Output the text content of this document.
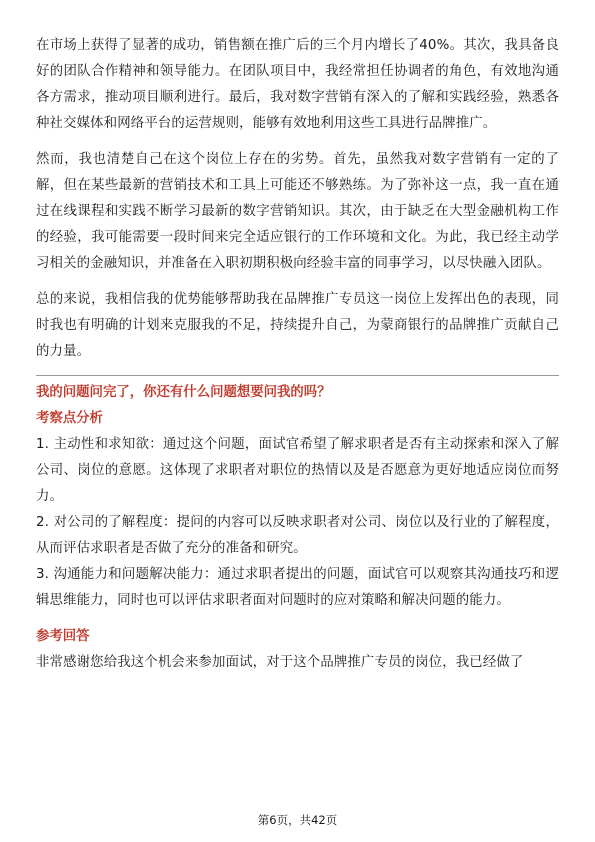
在市场上获得了显著的成功，销售额在推广后的三个月内增长了40%。其次，我具备良好的团队合作精神和领导能力。在团队项目中，我经常担任协调者的角色，有效地沟通各方需求，推动项目顺利进行。最后，我对数字营销有深入的了解和实践经验，熟悉各种社交媒体和网络平台的运营规则，能够有效地利用这些工具进行品牌推广。

然而，我也清楚自己在这个岗位上存在的劣势。首先，虽然我对数字营销有一定的了解，但在某些最新的营销技术和工具上可能还不够熟练。为了弥补这一点，我一直在通过在线课程和实践不断学习最新的数字营销知识。其次，由于缺乏在大型金融机构工作的经验，我可能需要一段时间来完全适应银行的工作环境和文化。为此，我已经主动学习相关的金融知识，并准备在入职初期积极向经验丰富的同事学习，以尽快融入团队。

总的来说，我相信我的优势能够帮助我在品牌推广专员这一岗位上发挥出色的表现，同时我也有明确的计划来克服我的不足，持续提升自己，为蒙商银行的品牌推广贡献自己的力量。

我的问题问完了，你还有什么问题想要问我的吗？

考察点分析

1. 主动性和求知欲：通过这个问题，面试官希望了解求职者是否有主动探索和深入了解公司、岗位的意愿。这体现了求职者对职位的热情以及是否愿意为更好地适应岗位而努力。

2. 对公司的了解程度：提问的内容可以反映求职者对公司、岗位以及行业的了解程度，从而评估求职者是否做了充分的准备和研究。

3. 沟通能力和问题解决能力：通过求职者提出的问题，面试官可以观察其沟通技巧和逻辑思维能力，同时也可以评估求职者面对问题时的应对策略和解决问题的能力。

参考回答

非常感谢您给我这个机会来参加面试，对于这个品牌推广专员的岗位，我已经做了

第6页，共42页
